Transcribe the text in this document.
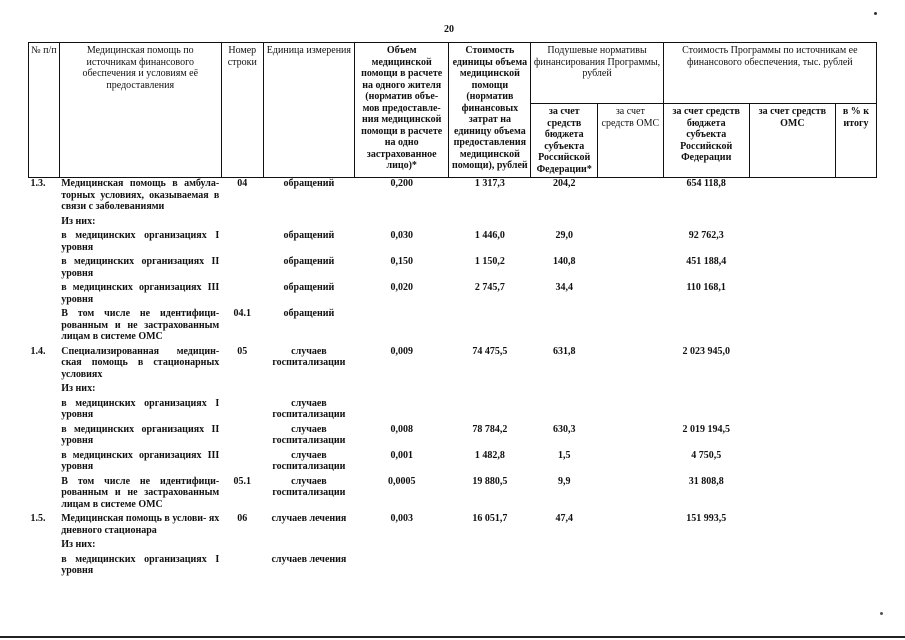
20
№ п/п	Медицинская помощь по источникам финансового обеспечения и условиям её предоставления	Номер строки	Единица измерения	Объем медицинской помощи в расчете на одного жителя (норматив объе- мов предоставле- ния медицинской помощи в расчете на одно застрахованное лицо)*	Стоимость единицы объема медицинской помощи (норматив финансовых затрат на единицу объема предоставления медицинской помощи), рублей	Подушевые нормативы финансирования Программы, рублей		Стоимость Программы по источникам ее финансового обеспечения, тыс. рублей		
						за счет средств бюджета субъекта Российской Федерации*	за счет средств ОМС	за счет средств бюджета субъекта Российской Федерации	за счет средств ОМС	в % к итогу
1.3.	Медицинская помощь в амбула- торных условиях, оказываемая в связи с заболеваниями	04	обращений	0,200	1 317,3	204,2		654 118,8		
	Из них:									
	в медицинских организациях I уровня		обращений	0,030	1 446,0	29,0		92 762,3		
	в медицинских организациях II уровня		обращений	0,150	1 150,2	140,8		451 188,4		
	в медицинских организациях III уровня		обращений	0,020	2 745,7	34,4		110 168,1		
	В том числе не идентифици- рованным и не застрахованным лицам в системе ОМС	04.1	обращений							
1.4.	Специализированная медицин- ская помощь в стационарных условиях	05	случаев госпитализации	0,009	74 475,5	631,8		2 023 945,0		
	Из них:									
	в медицинских организациях I уровня		случаев госпитализации							
	в медицинских организациях II уровня		случаев госпитализации	0,008	78 784,2	630,3		2 019 194,5		
	в медицинских организациях III уровня		случаев госпитализации	0,001	1 482,8	1,5		4 750,5		
	В том числе не идентифици- рованным и не застрахованным лицам в системе ОМС	05.1	случаев госпитализации	0,0005	19 880,5	9,9		31 808,8		
1.5.	Медицинская помощь в услови- ях дневного стационара	06	случаев лечения	0,003	16 051,7	47,4		151 993,5		
	Из них:									
	в медицинских организациях I уровня		случаев лечения							
